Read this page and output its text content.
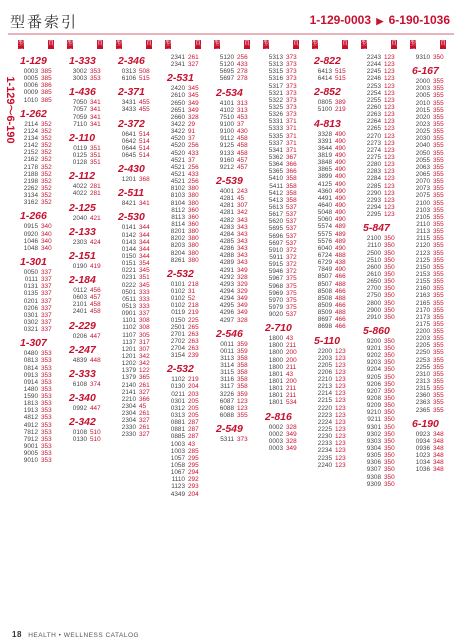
型番索引	1-129-0003 ▶ 6-190-1036
1-129〜6-190
型番
頁
1-129
0003 385
0005 385
0006 386
0009 385
1010 385
1-262
2114 352
2124 352
2134 352
2142 352
2152 352
2162 352
2178 352
2188 352
2198 352
2262 352
3134 352
3162 352
1-266
0915 340
0920 340
1046 340
1048 340
1-301
0050 337
0111 337
0131 337
0135 337
0201 337
0206 337
0301 337
0302 337
0321 337
1-307
0480 353
0813 353
0814 353
0913 353
0914 353
1480 353
1590 353
1813 353
1913 353
4812 353
4912 353
7812 353
7912 353
9001 353
9005 353
9010 353
型番
頁
1-333
3002 353
3003 353
1-436
7050 341
7057 341
7059 341
7110 341
2-110
0119 351
0125 351
0128 351
2-112
4022 281
4022 281
2-125
2040 421
2-133
2303 424
2-151
0190 419
2-184
0112 456
0603 457
2101 458
2401 458
2-229
0206 447
2-247
4839 448
2-333
6108 374
2-340
0992 447
2-342
0108 510
0130 510
型番
頁
2-346
0313 508
6106 515
2-371
3431 455
3433 455
2-372
0641 514
0642 514
0644 514
0645 514
2-430
1201 368
2-511
8421 341
2-530
0141 344
0142 344
0143 344
0144 344
0150 344
0151 354
0221 345
0231 351
0222 345
0501 333
0511 333
0513 333
0901 337
1101 308
1102 308
1107 305
1137 317
1201 307
1201 342
1202 342
1379 122
1379 365
2140 261
2141 327
2210 366
2304 45
2304 261
2304 327
2330 261
2330 327
型番
頁
2341 261
2341 327
2-531
2420 345
2610 345
2650 349
2651 349
2660 328
3422 29
3422 91
4520 37
4520 256
4520 433
4521 37
4521 256
4521 433
4521 256
8102 380
8103 380
8104 380
8112 360
8113 360
8114 360
8201 380
8202 380
8203 380
8204 380
8261 380
2-532
0101 218
0102 31
0102 52
0102 218
0119 219
0150 225
2501 265
2701 263
2702 263
2704 263
3154 239
2-532
1102 219
0130 204
0211 203
0301 205
0312 205
0313 205
0881 287
0881 287
0885 287
1003 43
1003 285
1057 295
1058 295
1067 294
1110 292
1123 293
4349 204
型番
頁
5120 256
5120 433
5695 278
5697 278
2-534
4101 313
4102 313
7510 453
9100 37
9100 430
9112 458
9125 458
9133 458
9160 457
9212 457
2-539
4001 243
4281 45
4281 307
4281 342
4282 343
4283 343
4284 343
4285 343
4286 343
4288 343
4289 343
4291 349
4292 328
4293 329
4294 329
4294 349
4295 349
4296 349
4297 328
2-546
0011 359
0011 359
3113 358
3114 358
3115 358
3116 358
3117 358
3226 359
6087 123
6088 123
6088 355
2-549
5311 373
型番
頁
5313 373
5313 373
5315 373
5316 373
5317 373
5321 373
5322 373
5325 373
5326 373
5331 371
5333 371
5335 371
5337 371
5341 371
5362 367
5364 366
5365 366
5410 358
5411 358
5412 358
5413 358
5613 537
5617 537
5620 537
5695 537
5696 537
5697 537
5910 372
5911 372
5915 372
5946 372
5967 375
5968 375
5969 375
5970 375
5979 375
9020 537
2-710
1800 43
1800 211
1800 200
1800 200
1800 211
1801 43
1801 200
1801 211
1801 211
1801 534
2-816
0002 328
0002 349
0003 328
0003 349
型番
頁
2-822
6413 515
6414 515
2-852
0805 389
5100 219
4-813
3328 490
3391 490
3644 490
3819 490
3848 490
3865 490
3899 490
4125 490
4360 490
4491 490
4640 490
5048 490
5060 490
5574 489
5575 489
5576 489
6040 490
6724 488
6729 438
7849 490
8507 466
8507 488
8508 466
8508 488
8509 466
8509 488
8697 466
8698 466
5-110
2200 123
2203 123
2205 123
2206 123
2210 123
2213 123
2214 123
2215 123
2220 123
2223 123
2224 123
2225 123
2230 123
2233 123
2234 123
2235 123
2240 123
型番
頁
2243 123
2244 123
2245 123
2246 123
2253 123
2254 123
2255 123
2260 123
2263 123
2264 123
2265 123
2270 123
2273 123
2274 123
2275 123
2280 123
2283 123
2284 123
2285 123
2290 123
2293 123
2294 123
2295 123
5-847
2100 350
2110 350
2500 350
2510 350
2600 350
2610 350
2650 350
2700 350
2750 350
2800 350
2900 350
2910 350
5-860
9200 350
9201 350
9202 350
9203 350
9204 350
9205 350
9206 350
9207 350
9208 350
9209 350
9210 350
9211 350
9301 350
9302 350
9303 350
9304 350
9305 350
9306 350
9307 350
9308 350
9309 350
型番
頁
9310 350
6-167
2000 355
2003 355
2005 355
2010 355
2015 355
2020 355
2023 355
2025 355
2030 355
2040 355
2050 355
2055 355
2063 355
2065 355
2070 355
2073 355
2075 355
2100 355
2103 355
2105 355
2110 355
2113 355
2115 355
2120 355
2123 355
2125 355
2150 355
2153 355
2155 355
2160 355
2163 355
2165 355
2170 355
2173 355
2175 355
2200 355
2203 355
2205 355
2250 355
2253 355
2255 355
2310 355
2313 355
2315 355
2360 355
2363 355
2365 355
6-190
0923 348
0934 348
0936 348
1023 348
1034 348
1036 348
18 HEALTH • WELLNESS CATALOG
